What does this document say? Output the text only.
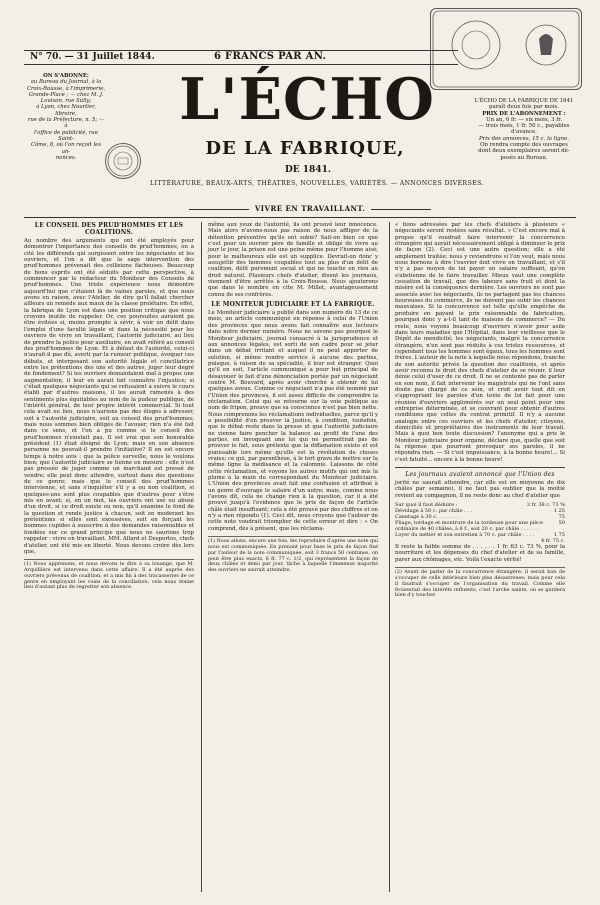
N° 70. — 31 Juillet 1844.	6 FRANCS PAR AN.
ON S'ABONNE:
au Bureau du Journal, à la
Croix-Rousse, à l'imprimerie,
Grande-Place ; — chez M. J.
Louison, rue Sully;
à Lyon, chez Nourtier, libraire,
rue de la Préfecture, n. 5; — à
l'office de publicité, rue Saint-
Côme, 8, où l'on reçoit les an-
nonces.
L'ÉCHO
DE LA FABRIQUE,
DE 1841.
LITTÉRATURE, BEAUX-ARTS, THÉATRES, NOUVELLES, VARIÉTÉS. — ANNONCES DIVERSES.
VIVRE EN TRAVAILLANT.
L'ÉCHO DE LA FABRIQUE DE 1841
paraît deux fois par mois.
PRIX DE L'ABONNEMENT :
Un an, 6 fr. — six mois, 3 fr.
— trois mois, 1 fr. 50 c., payables
d'avance.
Prix des annonces, 15 c. la ligne.
On rendra compte des ouvrages
dont deux exemplaires seront dé-
posés au Bureau.
LE CONSEIL DES PRUD'HOMMES ET LES COALITIONS.
Au nombre des arguments qui ont été employés pour démontrer l'importance des conseils de prud'hommes, on a cité les différends qui surgissent entre les négociants et les ouvriers, et l'on a dit que la sage intervention des prud'hommes prévenait des collisions fâcheuses. Beaucoup de bons esprits ont été séduits par cette perspective, à commencer par le rédacteur du Moniteur des Conseils de prud'hommes. Une triste expérience nous démontre aujourd'hui que c'étaient là de vaines paroles, et que nous avons en raison, avec l'Atelier, de dire qu'il fallait chercher ailleurs un remède aux maux de la classe prolétaire. En effet, la fabrique de Lyon est dans une position critique que nous croyons inutile de rappeler. Or, ces poursuites auraient pu être évitées si, moins prompte à sévir, à voir un délit dans l'emploi d'une faculté légale et dans la nécessité pour les ouvriers de vivre en travaillant, l'autorité judiciaire, au lieu de prendre la police pour auxiliaire, en avait référé au conseil des prud'hommes de Lyon. Et à défaut de l'autorité, celui-ci n'aurait-il pas dû, averti par la rumeur publique, évoquer ces débats, et interposant son autorité légale et conciliatrice entre les prétentions des uns et des autres, juger leur degré de fondement? Si les ouvriers demandaient mal à propos une augmentation, il leur en aurait fait connaître l'injustice; si c'était quelques négociants qui se refusaient à suivre le cours établi par d'autres maisons, il les aurait ramenés à des sentiments plus équitables au nom de la pudeur publique, de l'intérêt général, de leur propre intérêt commercial. Si tout cela avait eu lieu, nous n'aurions pas des éloges à adresser, soit à l'autorité judiciaire, soit au conseil des prud'hommes; mais nous sommes bien obligés de l'avouer, rien n'a été fait dans ce sens, et l'on a pu comme si le conseil des prud'hommes n'existait pas. Il est vrai que son honorable président (1) était éloigné de Lyon; mais en son absence personne ne pouvait-il prendre l'initiative? Il en est encore temps à notre avis : que la police surveille, nous le voulons bien; que l'autorité judiciaire se tienne en mesure : elle n'est pas pressée de juger comme un marchand est pressé de vendre; elle peut donc attendre, surtout dans des questions de ce genre; mais que le conseil des prud'hommes intervienne, et sans s'inquiéter s'il y a ou non coalition, si quelques-uns sont plus coupables que d'autres pour s'être mis en avant; si, en un mot, les ouvriers ont usé ou abusé d'un droit, si ce droit existe ou non, qu'il examine le fond de la question et rende justice à chacun, soit en modérant les prétentions si elles sont excessives, soit en forçant les hommes cupides à souscrire à des demandes raisonnables et fondées sur ce grand principe que nous ne saurions trop rappeler : vivre en travaillant. MM. Allard et Desportes, chefs d'atelier, ont été mis en liberté. Nous devons croire dès lors que,
(1) Nous apprenons, et nous devons le dire à sa louange, que M. Arquillière est intervenu dans cette affaire. Il a été auprès des ouvriers prévenus de coalition, et a mis fin à des tracasseries de ce genre en employant les voies de la conciliation; cela nous donne lieu d'autant plus de regretter son absence.
même aux yeux de l'autorité, ils ont prouvé leur innocence. Mais alors n'avons-nous pas raison de nous affliger de la détention préventive qu'ils ont subie? Sait-on bien ce que c'est pour un ouvrier père de famille et obligé de vivre au jour le jour, la prison est une peine même pour l'homme aisé; pour le malheureux elle est un supplice. Devrait-on donc y assujettir des hommes coupables tout au plus d'un délit de coalition, délit purement social et qui ne touche en rien au droit naturel. Plusieurs chefs d'atelier, disent les journaux, viennent d'être arrêtés à la Croix-Rousse. Nous ajouterons que dans le nombre on cite M. Millet, avantageusement connu de ses confrères.
LE MONITEUR JUDICIAIRE ET LA FABRIQUE.
Le Moniteur judiciaire a publié dans son numéro du 13 de ce mois, un article communiqué en réponse à celui de l'Union des provinces que nous avons fait connaître aux lecteurs dans notre dernier numéro. Nous ne savons pas pourquoi le Moniteur judiciaire, journal consacré à la jurisprudence et aux annonces légales, est sorti de son cadre pour se jeter dans un débat irritant et auquel il ne peut apporter de solution, si même rendre service à aucune des parties, puisque, à raison de sa spécialité, il leur est étranger. Quoi qu'il en soit, l'article communiqué a pour but principal de désavouer le fait d'une dénonciation portée par un négociant contre M. Bouvard, après avoir cherché à obtenir de lui quelques aveux. Comme ce négociant n'a pas été nommé par l'Union des provinces, il est assez difficile de comprendre la réclamation. Celui qui se retourne sur la voie publique au nom de fripon, prouve que sa conscience n'est pas bien nette. Nous comprenons les réclamations individuelles, parce qu'il y a possibilité d'en prouver la justice, à condition, toutefois, que le débat reste dans la presse et que l'autorité judiciaire ne vienne faire pencher la balance au profit de l'une des parties, en invoquant une loi qui ne permettrait pas de prouver le fait, sous prétexte que la diffamation existe et est punissable lors même qu'elle est la révélation de choses vraies; ce qui, par parenthèse, à le tort grave de mettre sur la même ligne la médisance et la calomnie. Laissons de côté cette réclamation, et voyons les autres motifs qui ont mis la plume à la main du correspondant du Moniteur judiciaire. L'Union des provinces avait fait une confusion et attribué à un genre d'ouvrage le salaire d'un autre; mais, comme nous l'avons dit, cela ne change rien à la question, car il a été prouvé jusqu'à l'évidence que le prix de façon de l'article châle était insuffisant; cela a été prouvé par des chiffres et on n'y a rien répondu (1). Ceci dit, nous croyons que l'auteur de cette note voudrait triompher de cette erreur et dire : « On comprend, dès à présent, que les réclama-
(1) Nous allons, encore une fois, les reproduire d'après une note qui nous est communiquée. En prenant pour base le prix de façon fixé par l'auteur de la note communiquée, soit 3 francs 50 centimes, on peut être plus exacts, 6 fr. 77 c. 1/2, qui représentent la façon de deux châles et demi par jour, tâche à laquelle l'immense majorité des ouvriers ne saurait atteindre.
« tions adressées par les chefs d'ateliers à plusieurs « négociants seront restées sans résultat. » C'est encore mal à propos qu'il voudrait faire intervenir la concurrence étrangère qui aurait nécessairement obligé à diminuer le prix de façon (2). Ceci est une autre question; elle a été amplement traitée; nous y reviendrons si l'on veut, mais nous nous bornons à dire l'ouvrier doit vivre en travaillant, et s'il n'y a pas moyen de lui payer un salaire suffisant, qu'on s'abstienne de le faire travailler. Mieux vaut une complète cessation de travail, que des labeurs sans fruit et dont la misère est la conséquence dernière. Les ouvriers ne sont pas associés avec les négociants, ils ne partagent pas les chances heureuses du commerce, ils ne doivent pas subir les chances mauvaises. Si la concurrence est telle qu'elle empêche de produire en payant le prix raisonnable de fabrication, pourquoi donc y a-t-il tant de maisons de commerce? — Du reste, nous voyons beaucoup d'ouvriers n'avoir pour asile dans leurs maladies que l'Hôpital, dans leur vieillesse que le Dépôt de mendicité; les négociants, malgré la concurrence étrangère, n'en sont pas réduits à ces tristes ressources, et cependant tous les hommes sont égaux, tous les hommes sont frères. L'auteur de la note à laquelle nous répondons, tranche de son autorité privée la question des coalitions, et après avoir reconnu le droit des chefs d'atelier de se réunir, il leur dénie celui d'user de ce droit. Il ne se contente pas de parler en son nom, il fait intervenir les magistrats qui ne l'ont sans doute pas chargé de ce soin, et croit avoir tout dit en s'appropriant les paroles d'un texte de loi fait pour une réunion d'ouvriers agglomérés sur un seul point pour une entreprise déterminée, et se couvrant pour obtenir d'autres conditions que celles du contrat primitif. Il n'y a aucune analogie entre ces ouvriers et les chefs d'atelier, citoyens, domiciliés et propriétaires des instruments de leur travail. Mais à quoi bon toute discussion? l'anonyme qui a pris le Moniteur judiciaire pour organe, déclare que, quelle que soit la réponse que pourront provoquer ses paroles, il ne répondra rien. — Si c'est impuissance, à la bonne heure!... Si c'est fatuité... encore à la bonne heure!
Les journaux avaient annoncé que l'Union des
jorité ne saurait atteindre, car elle est en moyenne de dix châles par semaine), il ne faut pas oublier que la moitié revient au compagnon, il ne reste donc au chef d'atelier que
Sur quoi il faut déduire :	3 fr. 38 c. 73 %
Dévidage à 50 c. par châle . . .	1 25
Canetage à 30 c. . . . . . . .	75
Pliage, tordage et montrure de la tordeuse pour une pièce ordinaire de 40 châles, à 8 f., soit 20 c. par châle . . . . . .
50
Loyer du métier et son entretien à 70 c. par châle . . . .	1 75
4 fr. 75 c.
Il reste la faible somme de . . . . . . 1 fr. 63 c. 73 %, pour la nourriture et les dépenses du chef d'atelier et de sa famille, parer aux chômages, etc. Voilà l'exacte vérité!
(2) Avant de parler de la concurrence étrangère, il serait bon de s'occuper de celle intérieure bien plus désastreuse; mais pour cela il faudrait s'occuper de l'organisation du travail. Comme elle froisserait des intérêts influents, c'est l'arche sainte, on se gardera bien d'y toucher.
